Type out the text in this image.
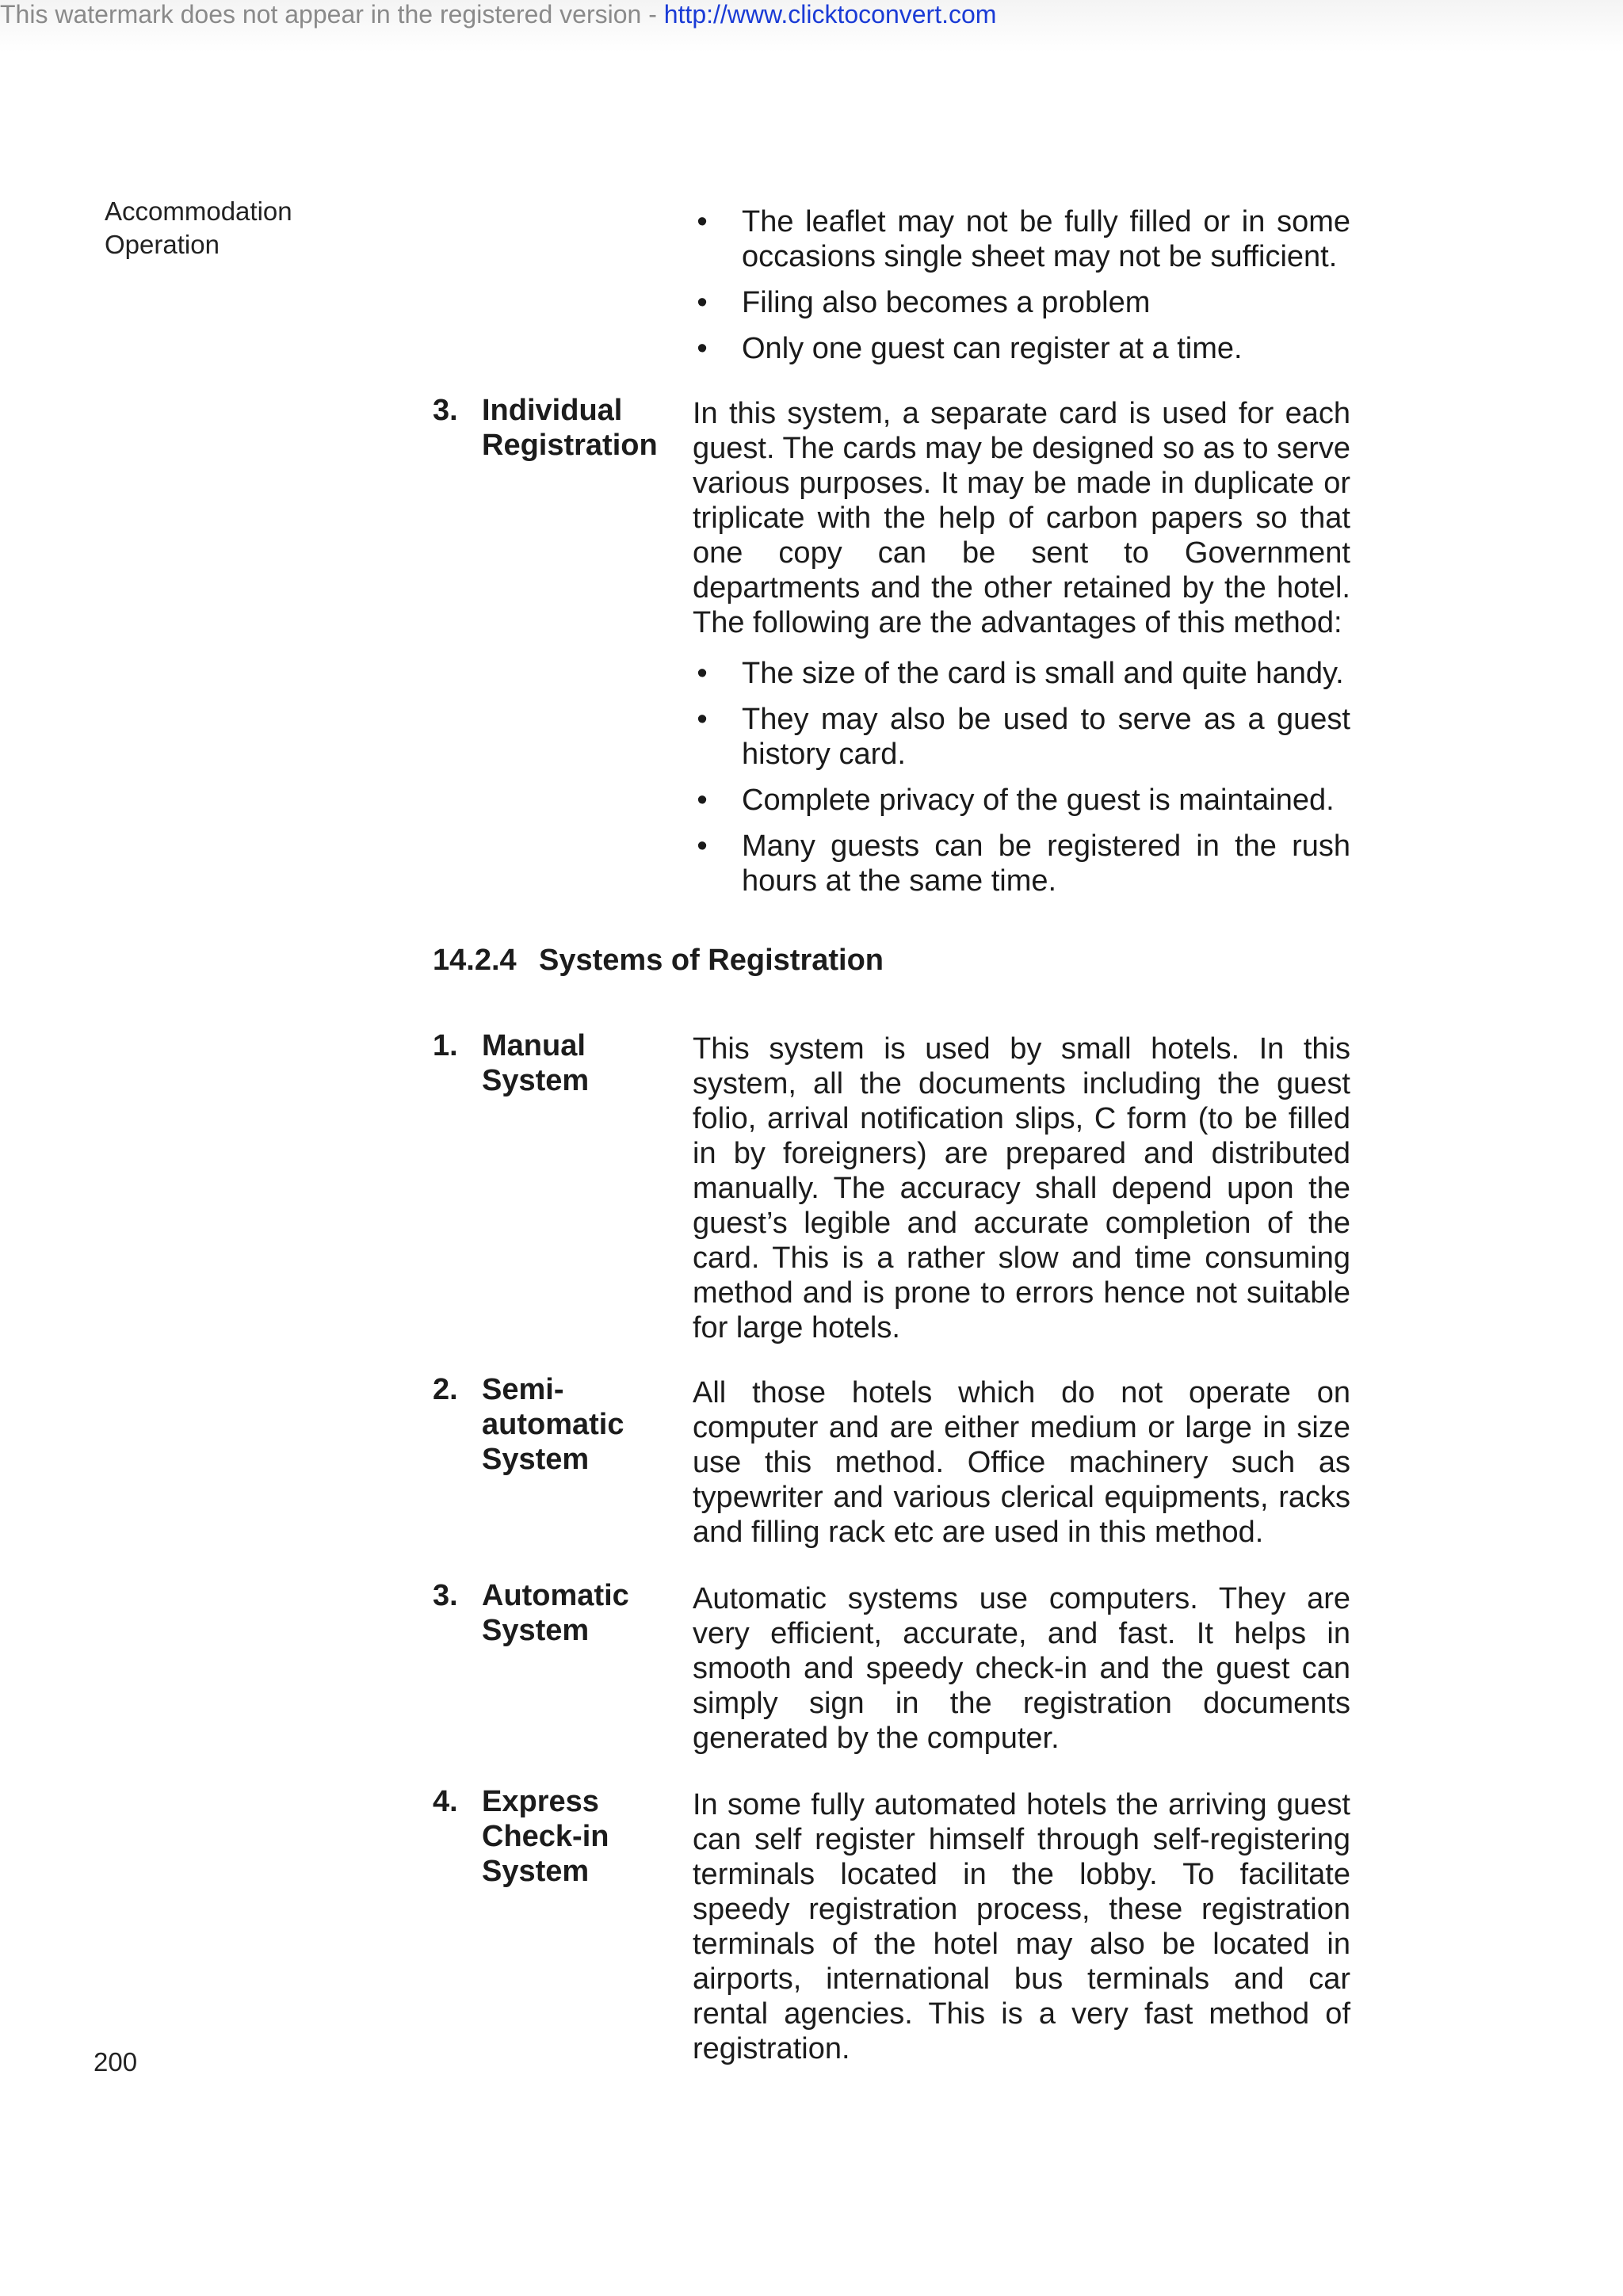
This watermark does not appear in the registered version - http://www.clicktoconvert.com
Accommodation
Operation
• The leaflet may not be fully filled or in some occasions single sheet may not be sufficient.
• Filing also becomes a problem
• Only one guest can register at a time.
3. Individual
Registration
In this system, a separate card is used for each guest. The cards may be designed so as to serve various purposes. It may be made in duplicate or triplicate with the help of carbon papers so that one copy can be sent to Government departments and the other retained by the hotel. The following are the advantages of this method:
• The size of the card is small and quite handy.
• They may also be used to serve as a guest history card.
• Complete privacy of the guest is maintained.
• Many guests can be registered in the rush hours at the same time.
14.2.4 Systems of Registration
1. Manual
System
This system is used by small hotels. In this system, all the documents including the guest folio, arrival notification slips, C form (to be filled in by foreigners) are prepared and distributed manually. The accuracy shall depend upon the guest’s legible and accurate completion of the card. This is a rather slow and time consuming method and is prone to errors hence not suitable for large hotels.
2. Semi-
automatic
System
All those hotels which do not operate on computer and are either medium or large in size use this method. Office machinery such as typewriter and various clerical equipments, racks and filling rack etc are used in this method.
3. Automatic
System
Automatic systems use computers. They are very efficient, accurate, and fast. It helps in smooth and speedy check-in and the guest can simply sign in the registration documents generated by the computer.
4. Express
Check-in
System
In some fully automated hotels the arriving guest can self register himself through self-registering terminals located in the lobby. To facilitate speedy registration process, these registration terminals of the hotel may also be located in airports, international bus terminals and car rental agencies. This is a very fast method of registration.
200
